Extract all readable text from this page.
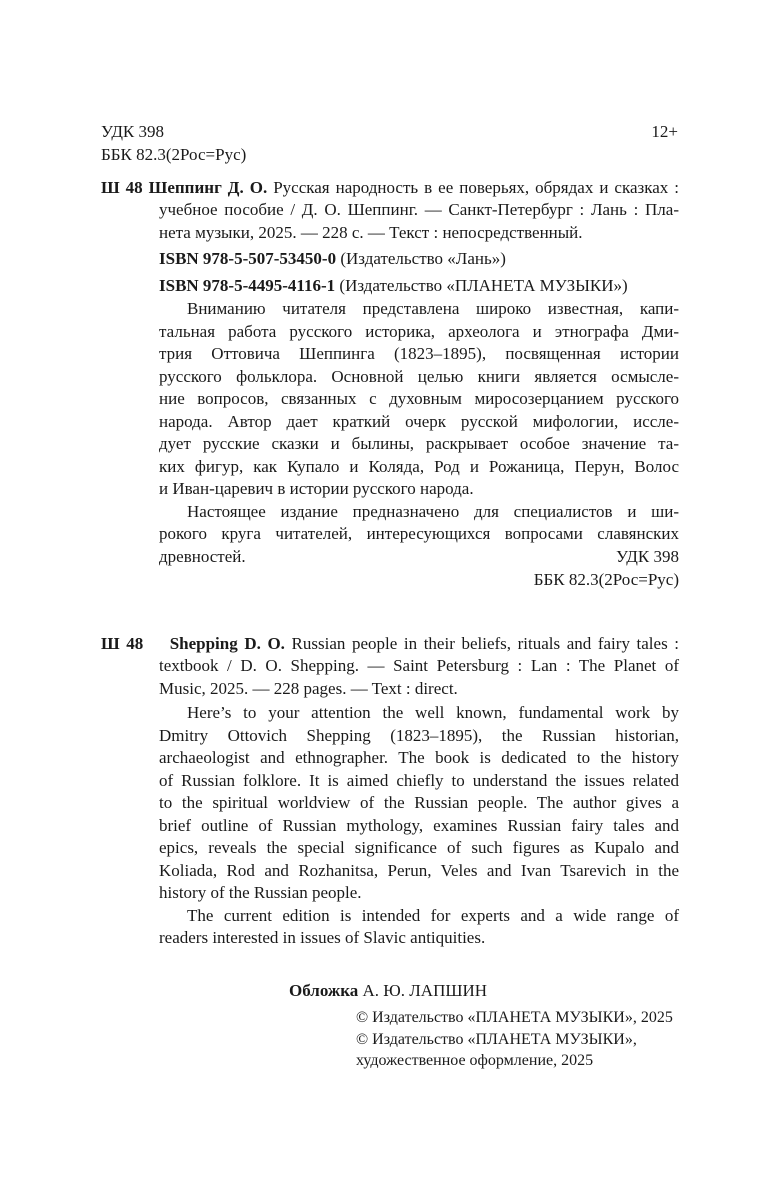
УДК 398
ББК 82.3(2Рос=Рус)
12+
Ш 48 Шеппинг Д. О. Русская народность в ее поверьях, обрядах и сказках :
учебное пособие / Д. О. Шеппинг. — Санкт-Петербург : Лань : Пла-
нета музыки, 2025. — 228 с. — Текст : непосредственный.
ISBN 978-5-507-53450-0 (Издательство «Лань»)
ISBN 978-5-4495-4116-1 (Издательство «ПЛАНЕТА МУЗЫКИ»)
Вниманию читателя представлена широко известная, капи-
тальная работа русского историка, археолога и этнографа Дми-
трия Оттовича Шеппинга (1823–1895), посвященная истории
русского фольклора. Основной целью книги является осмысле-
ние вопросов, связанных с духовным миросозерцанием русского
народа. Автор дает краткий очерк русской мифологии, иссле-
дует русские сказки и былины, раскрывает особое значение та-
ких фигур, как Купало и Коляда, Род и Рожаница, Перун, Волос
и Иван-царевич в истории русского народа.
Настоящее издание предназначено для специалистов и ши-
рокого круга читателей, интересующихся вопросами славянских
древностей.	УДК 398
ББК 82.3(2Рос=Рус)
Ш 48 Shepping D. O. Russian people in their beliefs, rituals and fairy tales :
textbook / D. O. Shepping. — Saint Petersburg : Lan : The Planet of
Music, 2025. — 228 pages. — Text : direct.
Here’s to your attention the well known, fundamental work by
Dmitry Ottovich Shepping (1823–1895), the Russian historian,
archaeologist and ethnographer. The book is dedicated to the history
of Russian folklore. It is aimed chiefly to understand the issues related
to the spiritual worldview of the Russian people. The author gives a
brief outline of Russian mythology, examines Russian fairy tales and
epics, reveals the special significance of such figures as Kupalo and
Koliada, Rod and Rozhanitsa, Perun, Veles and Ivan Tsarevich in the
history of the Russian people.
The current edition is intended for experts and a wide range of
readers interested in issues of Slavic antiquities.
Обложка А. Ю. ЛАПШИН
© Издательство «ПЛАНЕТА МУЗЫКИ», 2025
© Издательство «ПЛАНЕТА МУЗЫКИ»,
художественное оформление, 2025
